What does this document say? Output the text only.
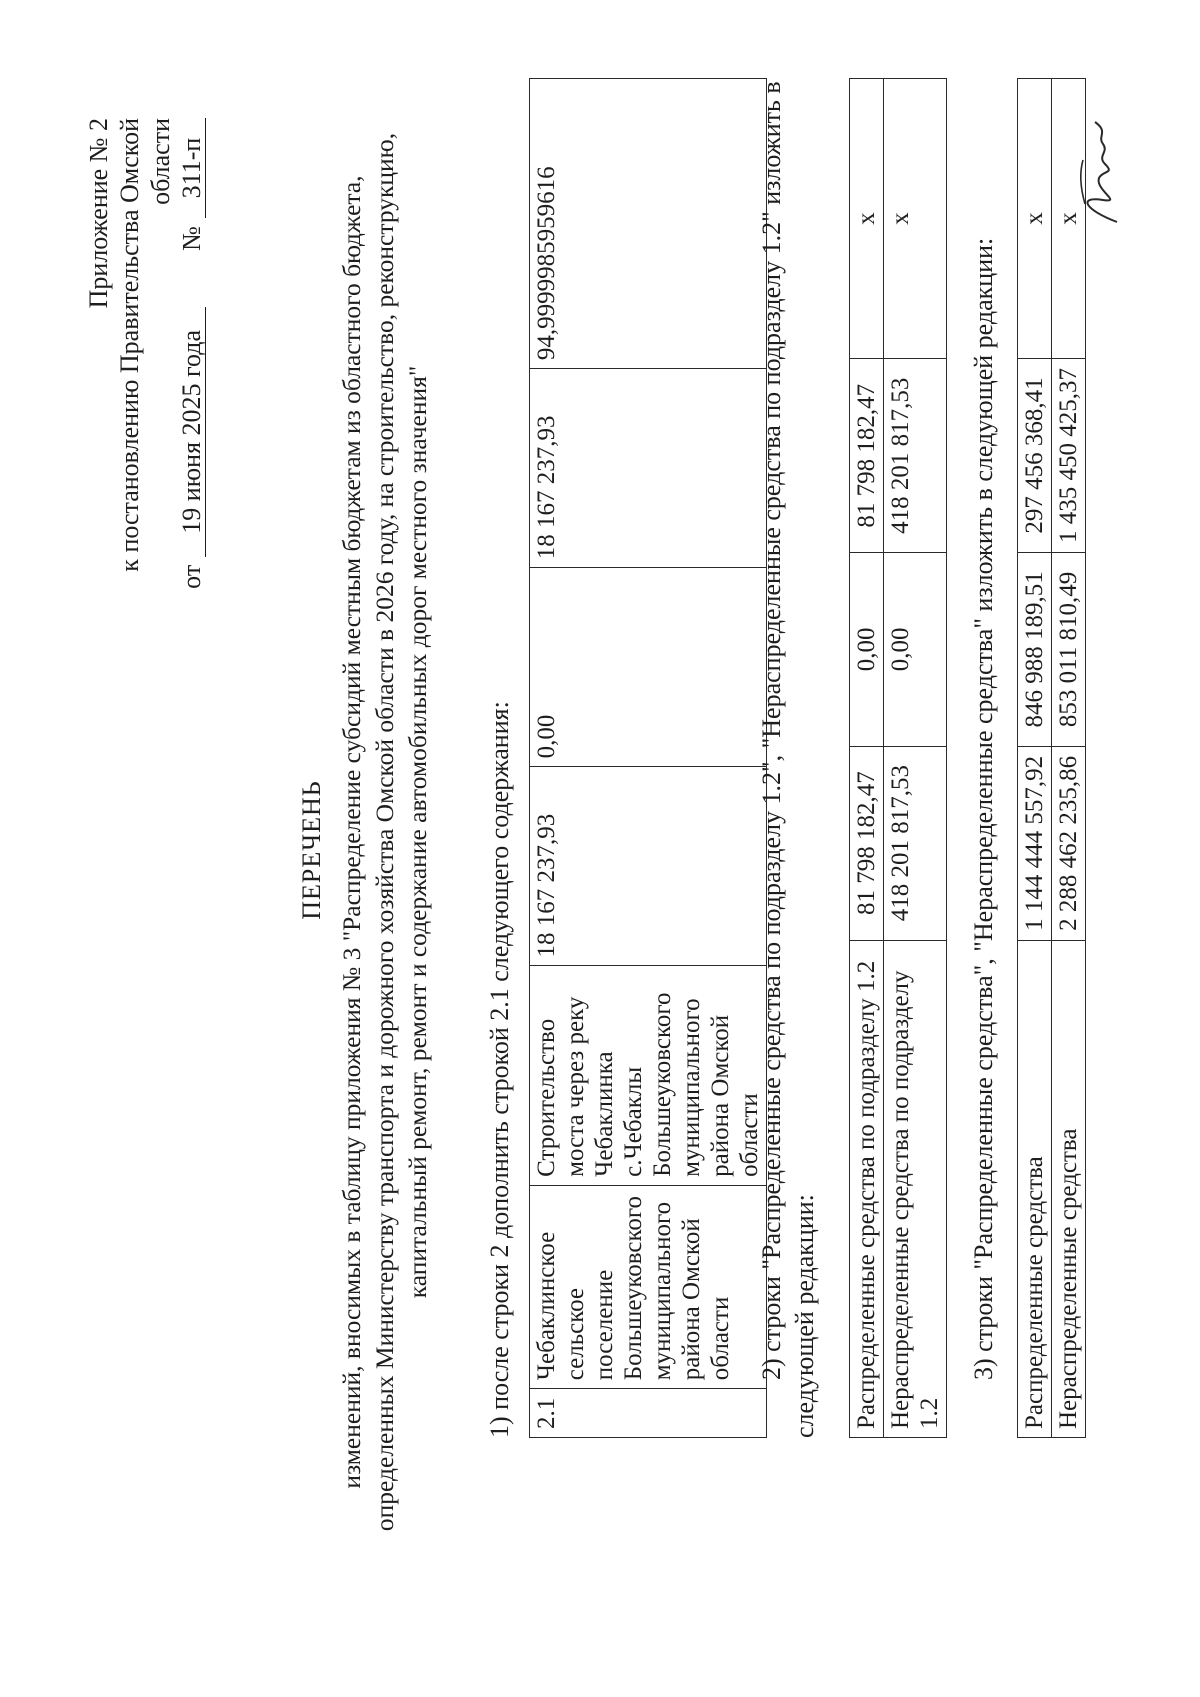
Приложение № 2 к постановлению Правительства Омской области
от
19 июня 2025 года
№
311-п
ПЕРЕЧЕНЬ изменений, вносимых в таблицу приложения № 3 "Распределение субсидий местным бюджетам из областного бюджета, определенных Министерству транспорта и дорожного хозяйства Омской области в 2026 году, на строительство, реконструкцию, капитальный ремонт, ремонт и содержание автомобильных дорог местного значения" 1) после строки 2 дополнить строкой 2.1 следующего содержания: 2.1	Чебаклинское сельское поселение Большеуковского муниципального района Омской области	Строительство моста через реку Чебаклинка с.Чебаклы Большеуковского муниципального района Омской области	18 167 237,93	0,00	18 167 237,93	94,9999985959616	2) строки "Распределенные средства по подразделу 1.2", "Нераспределенные средства по подразделу 1.2" изложить в следующей редакции: Распределенные средства по подразделу 1.2	81 798 182,47	0,00	81 798 182,47	x
Нераспределенные средства по подразделу 1.2	418 201 817,53	0,00	418 201 817,53	x
3) строки "Распределенные средства", "Нераспределенные средства" изложить в следующей редакции: Распределенные средства	1 144 444 557,92	846 988 189,51	297 456 368,41	x
Нераспределенные средства	2 288 462 235,86	853 011 810,49	1 435 450 425,37	x
